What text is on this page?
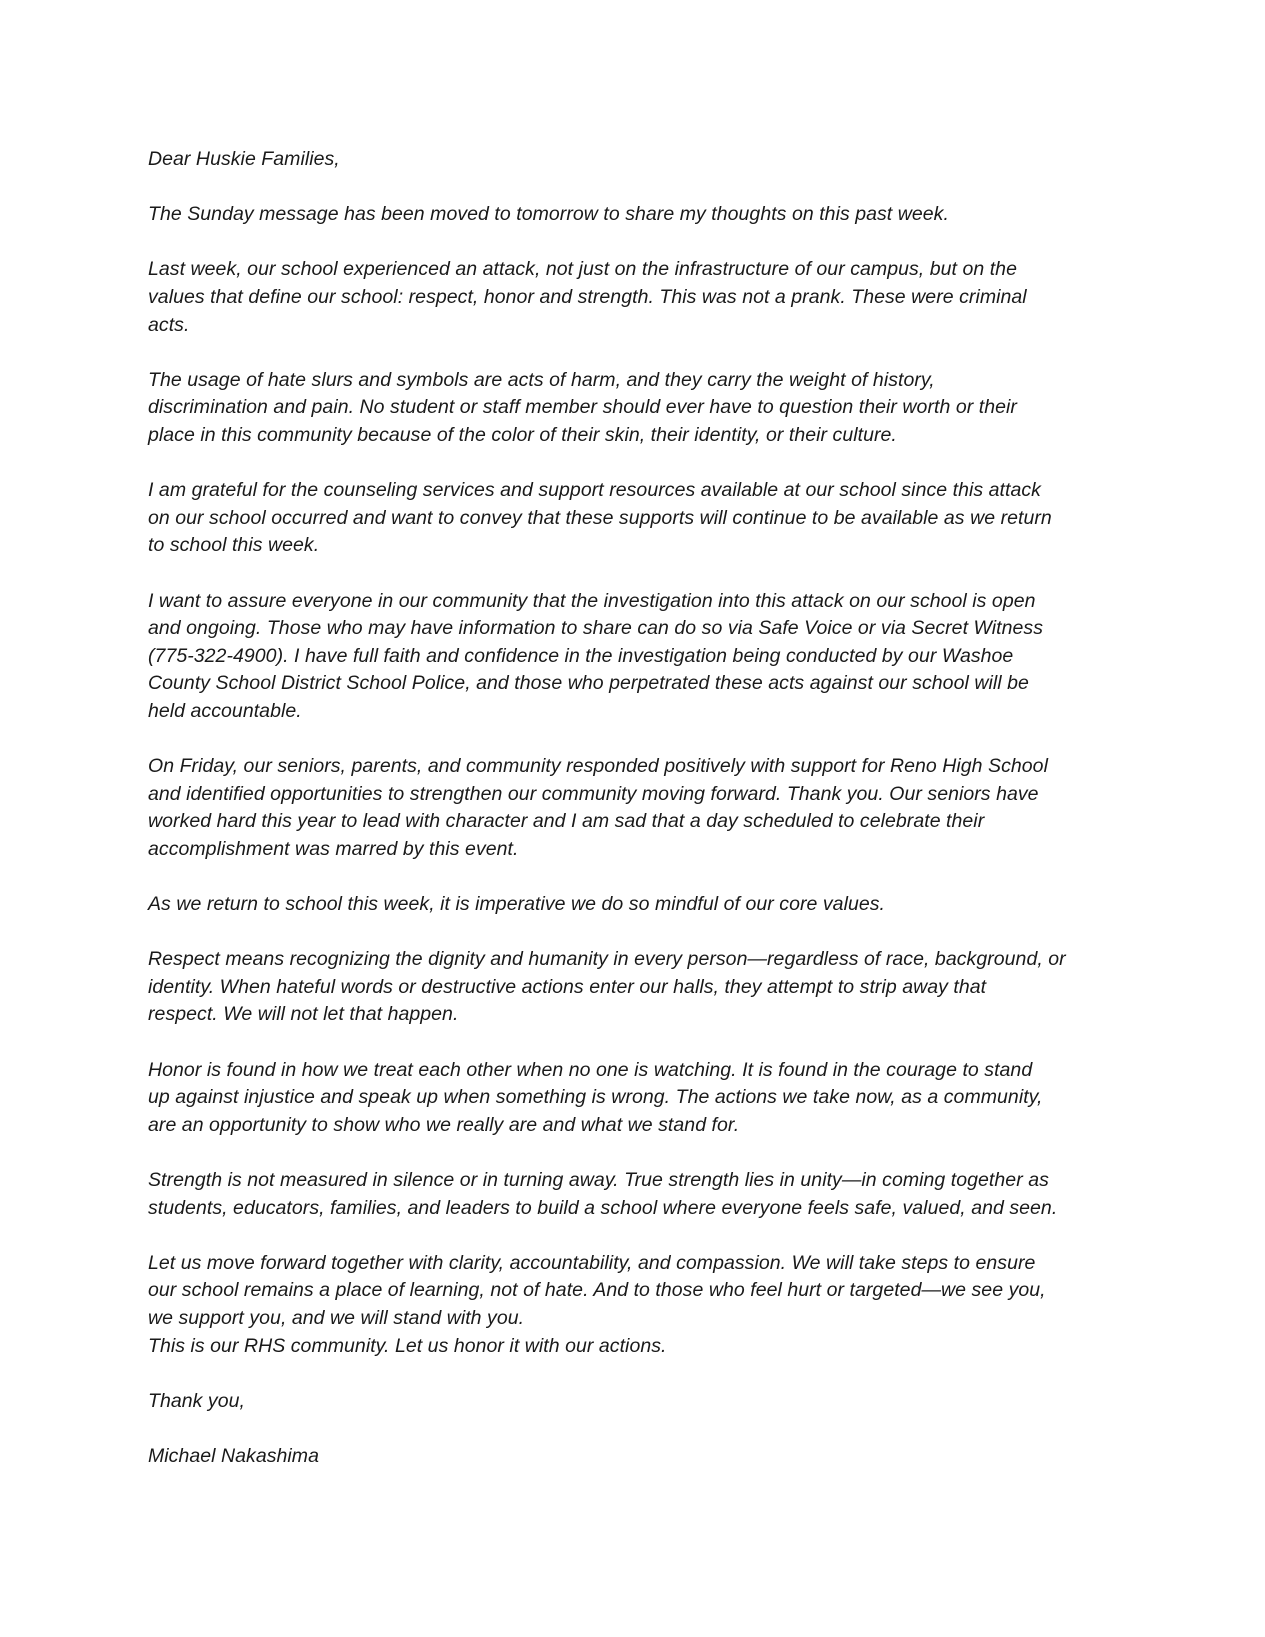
Dear Huskie Families,

The Sunday message has been moved to tomorrow to share my thoughts on this past week.

Last week, our school experienced an attack, not just on the infrastructure of our campus, but on the
values that define our school: respect, honor and strength. This was not a prank. These were criminal
acts.

The usage of hate slurs and symbols are acts of harm, and they carry the weight of history,
discrimination and pain. No student or staff member should ever have to question their worth or their
place in this community because of the color of their skin, their identity, or their culture.

I am grateful for the counseling services and support resources available at our school since this attack
on our school occurred and want to convey that these supports will continue to be available as we return
to school this week.

I want to assure everyone in our community that the investigation into this attack on our school is open
and ongoing. Those who may have information to share can do so via Safe Voice or via Secret Witness
(775-322-4900). I have full faith and confidence in the investigation being conducted by our Washoe
County School District School Police, and those who perpetrated these acts against our school will be
held accountable.

On Friday, our seniors, parents, and community responded positively with support for Reno High School
and identified opportunities to strengthen our community moving forward. Thank you. Our seniors have
worked hard this year to lead with character and I am sad that a day scheduled to celebrate their
accomplishment was marred by this event.

As we return to school this week, it is imperative we do so mindful of our core values.

Respect means recognizing the dignity and humanity in every person—regardless of race, background, or
identity. When hateful words or destructive actions enter our halls, they attempt to strip away that
respect. We will not let that happen.

Honor is found in how we treat each other when no one is watching. It is found in the courage to stand
up against injustice and speak up when something is wrong. The actions we take now, as a community,
are an opportunity to show who we really are and what we stand for.

Strength is not measured in silence or in turning away. True strength lies in unity—in coming together as
students, educators, families, and leaders to build a school where everyone feels safe, valued, and seen.

Let us move forward together with clarity, accountability, and compassion. We will take steps to ensure
our school remains a place of learning, not of hate. And to those who feel hurt or targeted—we see you,
we support you, and we will stand with you.
This is our RHS community. Let us honor it with our actions.

Thank you,

Michael Nakashima
